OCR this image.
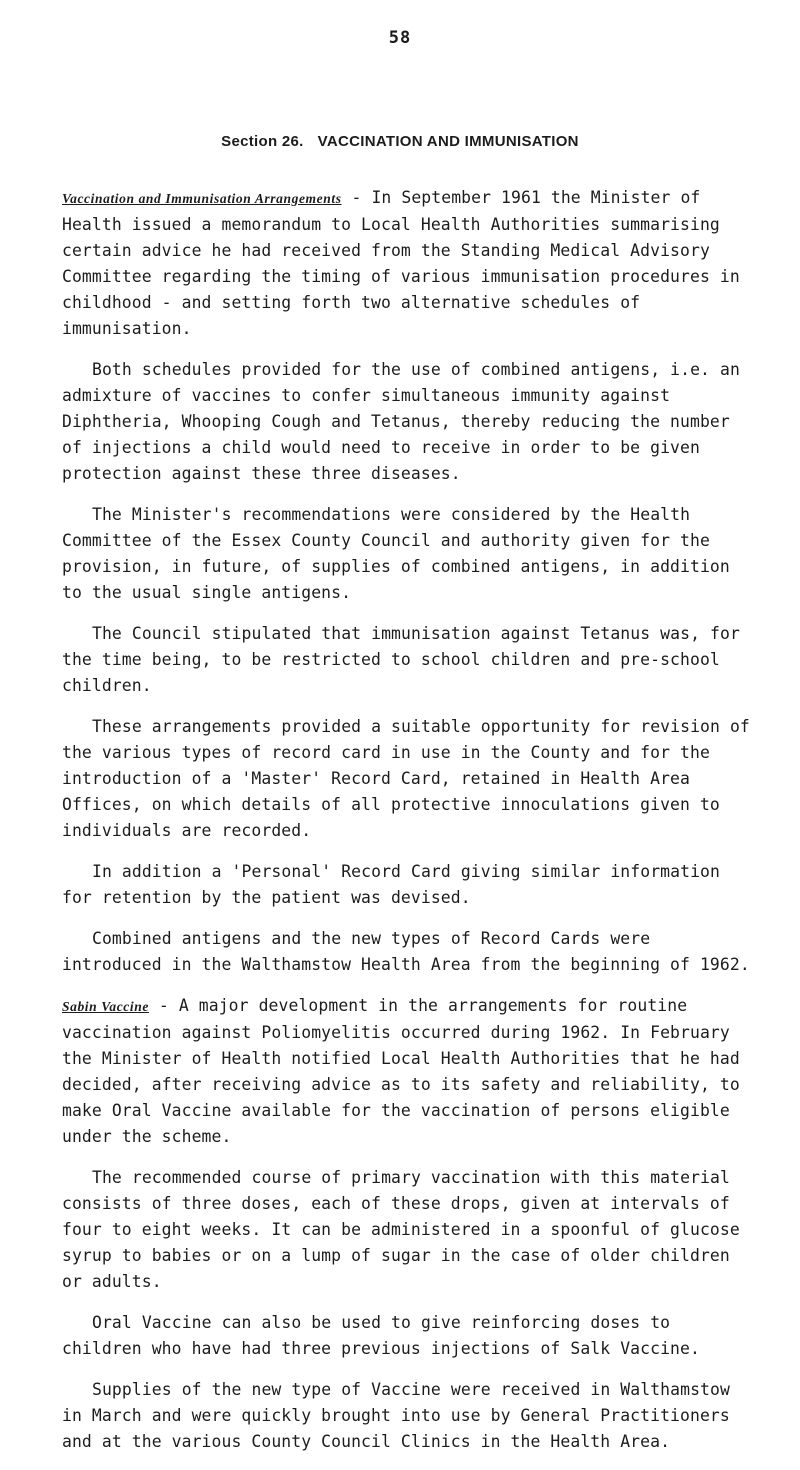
58
Section 26. VACCINATION AND IMMUNISATION

Vaccination and Immunisation Arrangements - In September 1961 the Minister of Health issued a memorandum to Local Health Authorities summarising certain advice he had received from the Standing Medical Advisory Committee regarding the timing of various immunisation procedures in childhood - and setting forth two alternative schedules of immunisation.

Both schedules provided for the use of combined antigens, i.e. an admixture of vaccines to confer simultaneous immunity against Diphtheria, Whooping Cough and Tetanus, thereby reducing the number of injections a child would need to receive in order to be given protection against these three diseases.

The Minister's recommendations were considered by the Health Committee of the Essex County Council and authority given for the provision, in future, of supplies of combined antigens, in addition to the usual single antigens.

The Council stipulated that immunisation against Tetanus was, for the time being, to be restricted to school children and pre-school children.

These arrangements provided a suitable opportunity for revision of the various types of record card in use in the County and for the introduction of a 'Master' Record Card, retained in Health Area Offices, on which details of all protective innoculations given to individuals are recorded.

In addition a 'Personal' Record Card giving similar information for retention by the patient was devised.

Combined antigens and the new types of Record Cards were introduced in the Walthamstow Health Area from the beginning of 1962.

Sabin Vaccine - A major development in the arrangements for routine vaccination against Poliomyelitis occurred during 1962. In February the Minister of Health notified Local Health Authorities that he had decided, after receiving advice as to its safety and reliability, to make Oral Vaccine available for the vaccination of persons eligible under the scheme.

The recommended course of primary vaccination with this material consists of three doses, each of these drops, given at intervals of four to eight weeks. It can be administered in a spoonful of glucose syrup to babies or on a lump of sugar in the case of older children or adults.

Oral Vaccine can also be used to give reinforcing doses to children who have had three previous injections of Salk Vaccine.

Supplies of the new type of Vaccine were received in Walthamstow in March and were quickly brought into use by General Practitioners and at the various County Council Clinics in the Health Area.
